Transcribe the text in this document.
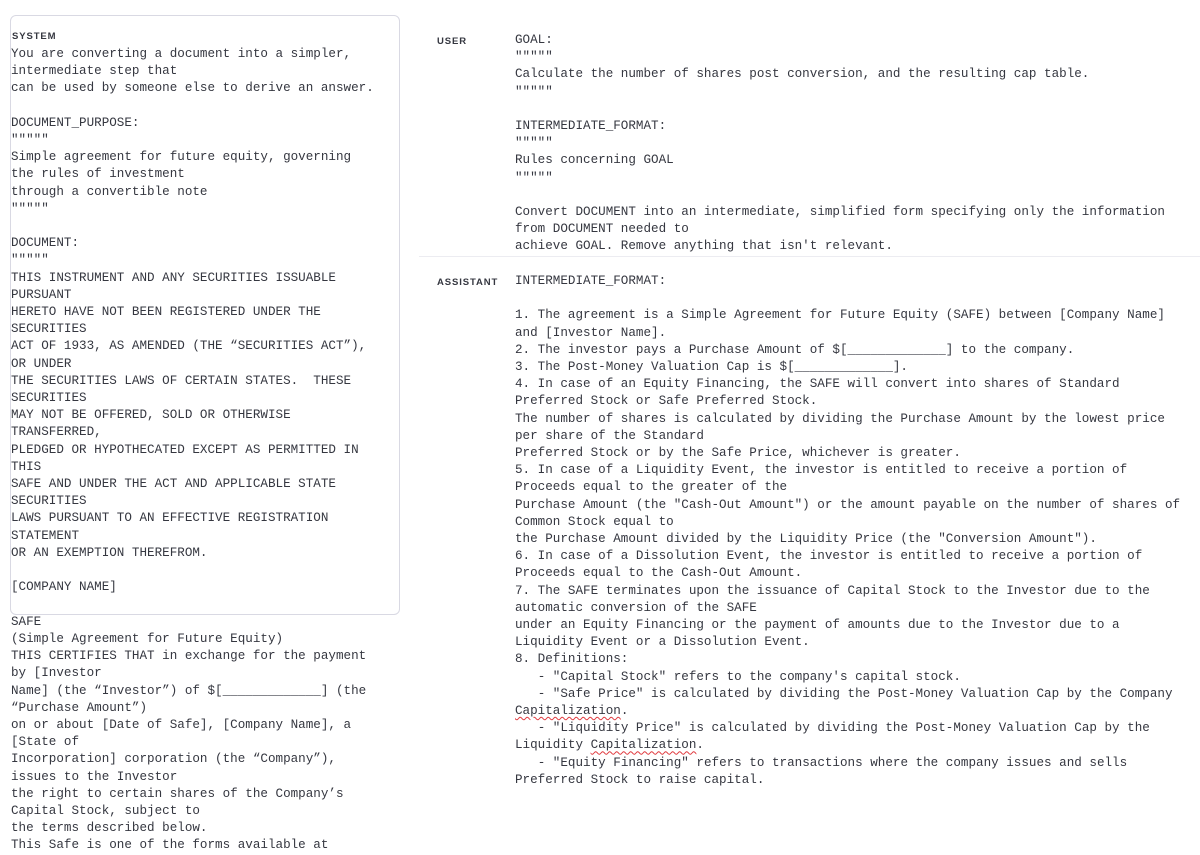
SYSTEM
You are converting a document into a simpler, intermediate step that
can be used by someone else to derive an answer.

DOCUMENT_PURPOSE:
"""""
Simple agreement for future equity, governing the rules of investment
through a convertible note
"""""

DOCUMENT:
"""""
THIS INSTRUMENT AND ANY SECURITIES ISSUABLE PURSUANT
HERETO HAVE NOT BEEN REGISTERED UNDER THE SECURITIES
ACT OF 1933, AS AMENDED (THE “SECURITIES ACT”), OR UNDER
THE SECURITIES LAWS OF CERTAIN STATES.  THESE SECURITIES
MAY NOT BE OFFERED, SOLD OR OTHERWISE TRANSFERRED,
PLEDGED OR HYPOTHECATED EXCEPT AS PERMITTED IN THIS
SAFE AND UNDER THE ACT AND APPLICABLE STATE SECURITIES
LAWS PURSUANT TO AN EFFECTIVE REGISTRATION STATEMENT
OR AN EXEMPTION THEREFROM.

[COMPANY NAME]

SAFE
(Simple Agreement for Future Equity)
THIS CERTIFIES THAT in exchange for the payment by [Investor
Name] (the “Investor”) of $[_____________] (the “Purchase Amount”)
on or about [Date of Safe], [Company Name], a [State of
Incorporation] corporation (the “Company”), issues to the Investor
the right to certain shares of the Company’s Capital Stock, subject to
the terms described below.
This Safe is one of the forms available at
USER	GOAL:
"""""
Calculate the number of shares post conversion, and the resulting cap table.
"""""

INTERMEDIATE_FORMAT:
"""""
Rules concerning GOAL
"""""

Convert DOCUMENT into an intermediate, simplified form specifying only the information from DOCUMENT needed to
achieve GOAL. Remove anything that isn't relevant.
ASSISTANT INTERMEDIATE_FORMAT:

1. The agreement is a Simple Agreement for Future Equity (SAFE) between [Company Name] and [Investor Name].
2. The investor pays a Purchase Amount of $[_____________] to the company.
3. The Post-Money Valuation Cap is $[_____________].
4. In case of an Equity Financing, the SAFE will convert into shares of Standard Preferred Stock or Safe Preferred Stock.
The number of shares is calculated by dividing the Purchase Amount by the lowest price per share of the Standard
Preferred Stock or by the Safe Price, whichever is greater.
5. In case of a Liquidity Event, the investor is entitled to receive a portion of Proceeds equal to the greater of the
Purchase Amount (the "Cash-Out Amount") or the amount payable on the number of shares of Common Stock equal to
the Purchase Amount divided by the Liquidity Price (the "Conversion Amount").
6. In case of a Dissolution Event, the investor is entitled to receive a portion of Proceeds equal to the Cash-Out Amount.
7. The SAFE terminates upon the issuance of Capital Stock to the Investor due to the automatic conversion of the SAFE
under an Equity Financing or the payment of amounts due to the Investor due to a Liquidity Event or a Dissolution Event.
8. Definitions:
- "Capital Stock" refers to the company's capital stock.
- "Safe Price" is calculated by dividing the Post-Money Valuation Cap by the Company Capitalization.
- "Liquidity Price" is calculated by dividing the Post-Money Valuation Cap by the Liquidity Capitalization.
- "Equity Financing" refers to transactions where the company issues and sells Preferred Stock to raise capital.
